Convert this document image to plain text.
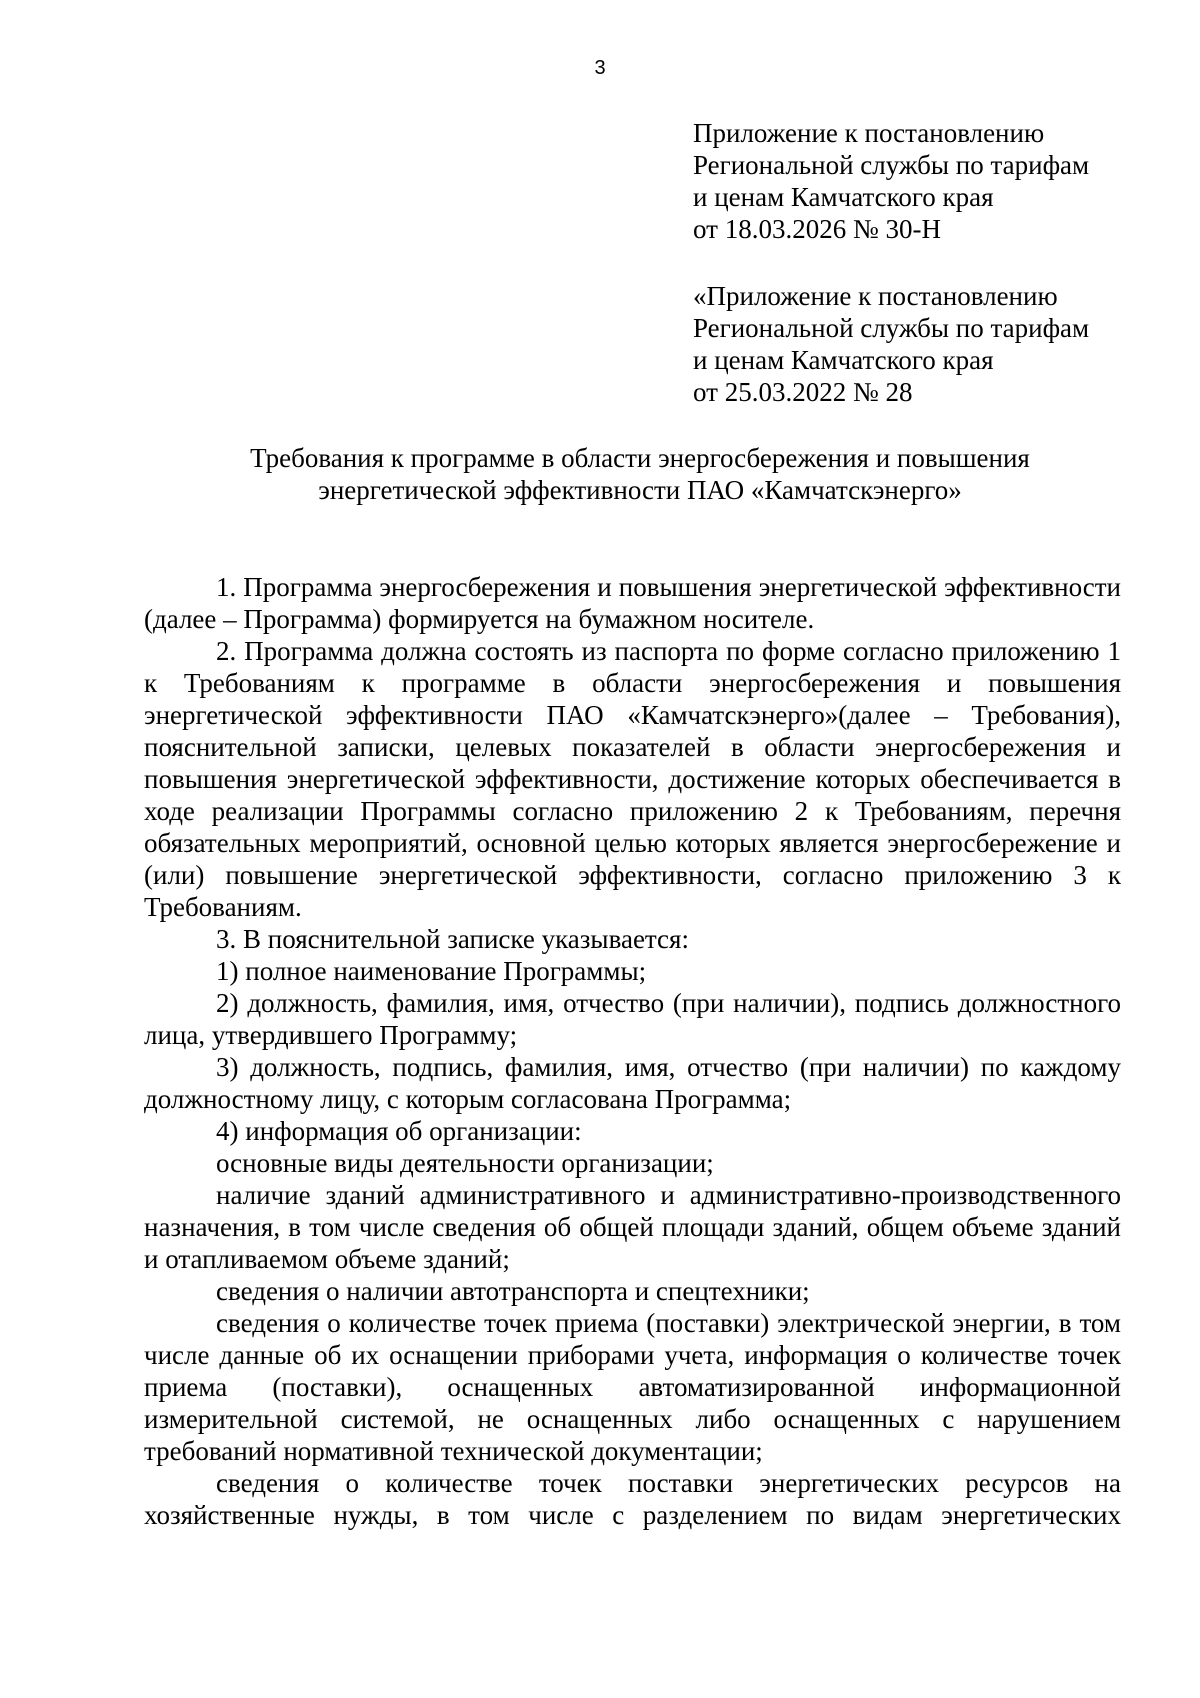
3
Приложение к постановлению
Региональной службы по тарифам
и ценам Камчатского края
от 18.03.2026 № 30-Н
«Приложение к постановлению
Региональной службы по тарифам
и ценам Камчатского края
от 25.03.2022 № 28
Требования к программе в области энергосбережения и повышения
энергетической эффективности ПАО «Камчатскэнерго»

1. Программа энергосбережения и повышения энергетической эффективности (далее – Программа) формируется на бумажном носителе.

2. Программа должна состоять из паспорта по форме согласно приложению 1 к Требованиям к программе в области энергосбережения и повышения энергетической эффективности ПАО «Камчатскэнерго»(далее – Требования), пояснительной записки, целевых показателей в области энергосбережения и повышения энергетической эффективности, достижение которых обеспечивается в ходе реализации Программы согласно приложению 2 к Требованиям, перечня обязательных мероприятий, основной целью которых является энергосбережение и (или) повышение энергетической эффективности, согласно приложению 3 к Требованиям.

3. В пояснительной записке указывается:

1) полное наименование Программы;

2) должность, фамилия, имя, отчество (при наличии), подпись должностного лица, утвердившего Программу;

3) должность, подпись, фамилия, имя, отчество (при наличии) по каждому должностному лицу, с которым согласована Программа;

4) информация об организации:

основные виды деятельности организации;

наличие зданий административного и административно-производственного назначения, в том числе сведения об общей площади зданий, общем объеме зданий и отапливаемом объеме зданий;

сведения о наличии автотранспорта и спецтехники;

сведения о количестве точек приема (поставки) электрической энергии, в том числе данные об их оснащении приборами учета, информация о количестве точек приема (поставки), оснащенных автоматизированной информационной измерительной системой, не оснащенных либо оснащенных с нарушением требований нормативной технической документации;

сведения о количестве точек поставки энергетических ресурсов на хозяйственные нужды, в том числе с разделением по видам энергетических
